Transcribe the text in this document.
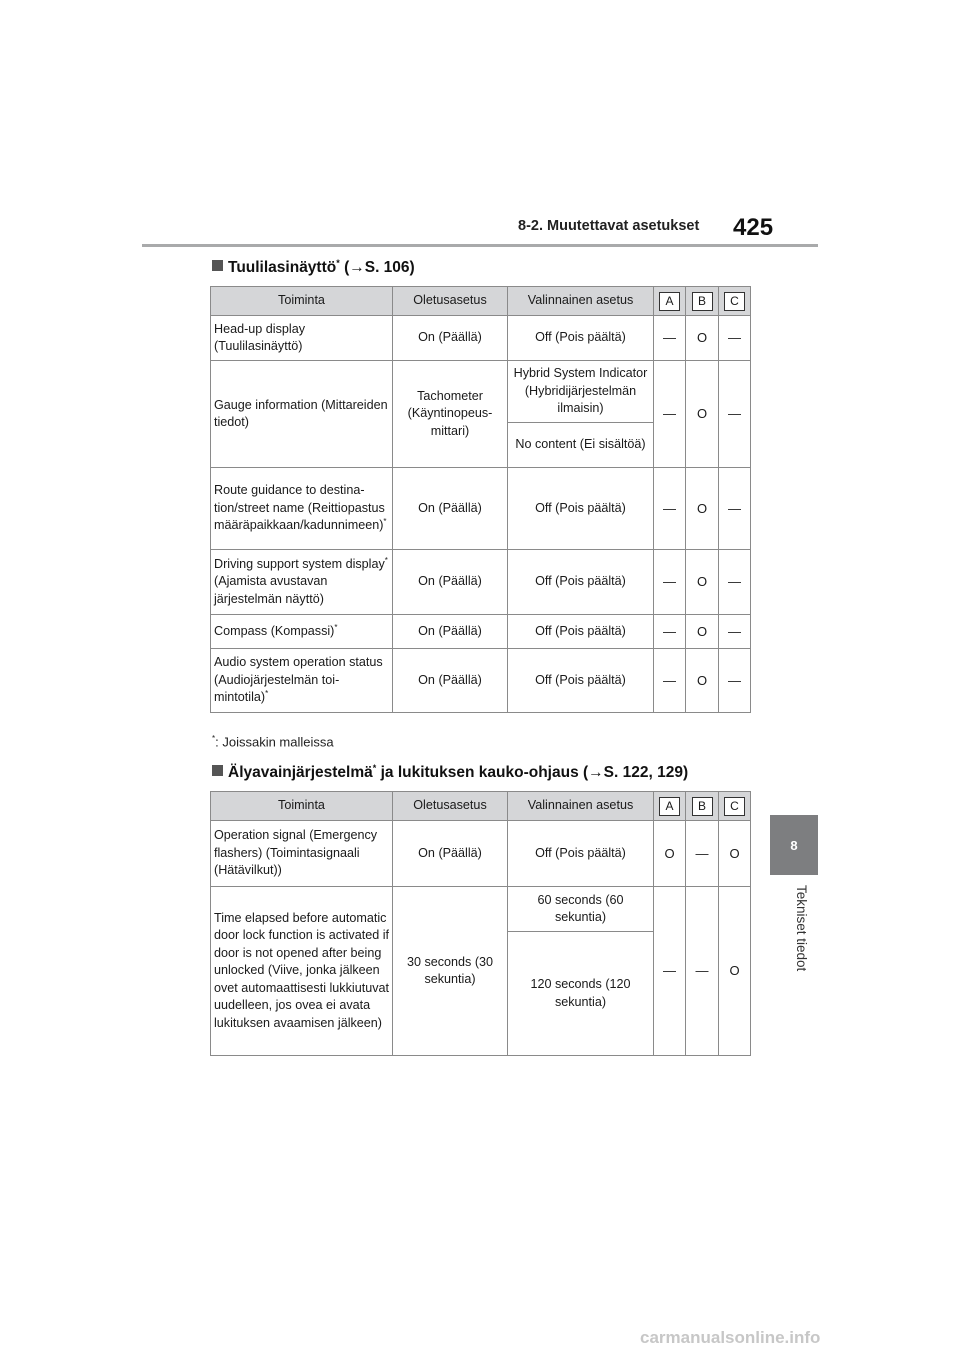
8-2. Muutettavat asetukset 425
8
Tekniset tiedot
Tuulilasinäyttö* (→S. 106)
Toiminta	Oletusasetus	Valinnainen asetus	A	B	C
Head-up display (Tuulilasinäyttö)	On (Päällä)	Off (Pois päältä)	—	O	—
Gauge information (Mittareiden tiedot)	Tachometer (Käyntinopeusmittari)	Hybrid System Indicator (Hybridijärjestelmän ilmaisin)	—	O	—
		No content (Ei sisältöä)			
Route guidance to destination/street name (Reittiopastus määräpaikkaan/kadunnimeen)*	On (Päällä)	Off (Pois päältä)	—	O	—
Driving support system display* (Ajamista avustavan järjestelmän näyttö)	On (Päällä)	Off (Pois päältä)	—	O	—
Compass (Kompassi)*	On (Päällä)	Off (Pois päältä)	—	O	—
Audio system operation status (Audiojärjestelmän toimintotila)*	On (Päällä)	Off (Pois päältä)	—	O	—
*: Joissakin malleissa
Älyavainjärjestelmä* ja lukituksen kauko-ohjaus (→S. 122, 129)
Toiminta	Oletusasetus	Valinnainen asetus	A	B	C
Operation signal (Emergency flashers) (Toimintasignaali (Hätävilkut))	On (Päällä)	Off (Pois päältä)	O	—	O
Time elapsed before automatic door lock function is activated if door is not opened after being unlocked (Viive, jonka jälkeen ovet automaattisesti lukkiutuvat uudelleen, jos ovea ei avata lukituksen avaamisen jälkeen)	30 seconds (30 sekuntia)	60 seconds (60 sekuntia)	—	—	O
		120 seconds (120 sekuntia)			
carmanualsonline.info
